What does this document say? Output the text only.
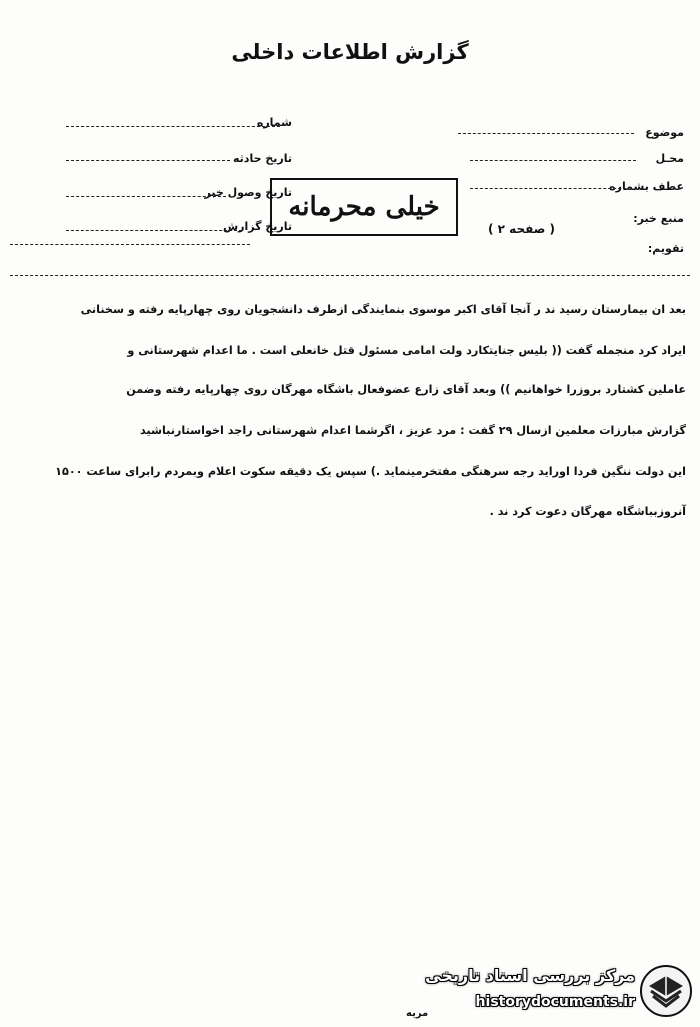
گزارش اطلاعات داخلی
شماره
تاریخ حادثه
تاریخ وصول خبر
تاریخ گزارش
موضوع
محـل
عطف بشماره
منبع خبر:
تقویم:
خیلی محرمانه
( صفحه ۲ )
بعد ان بیمارستان رسید ند ر آنجا آقای اکبر موسوی بنمایندگی ازطرف دانشجویان روی چهارپایه رفته و سخنانی
ایراد کرد منجمله گفت (( بلیس جنایتکارد ولت امامی مسئول قتل خانعلی است . ما اعدام شهرستانی و
عاملین کشتارد بروزرا خواهانیم )) وبعد آقای زارع عضوفعال باشگاه مهرگان روی چهارپایه رفته وضمن
گزارش مبارزات معلمین ازسال ۲۹ گفت : مرد عزیز ، اگرشما اعدام شهرستانی راجد اخواستارنباشید
این دولت ننگین فردا اوراید رجه سرهنگی مفتخرمینماید .) سپس یک دقیقه سکوت اعلام وبمردم رابرای ساعت ۱۵۰۰
آنروزبباشگاه مهرگان دعوت کرد ند .
مرکز بررسی اسناد تاریخی
historydocuments.ir
مریه
